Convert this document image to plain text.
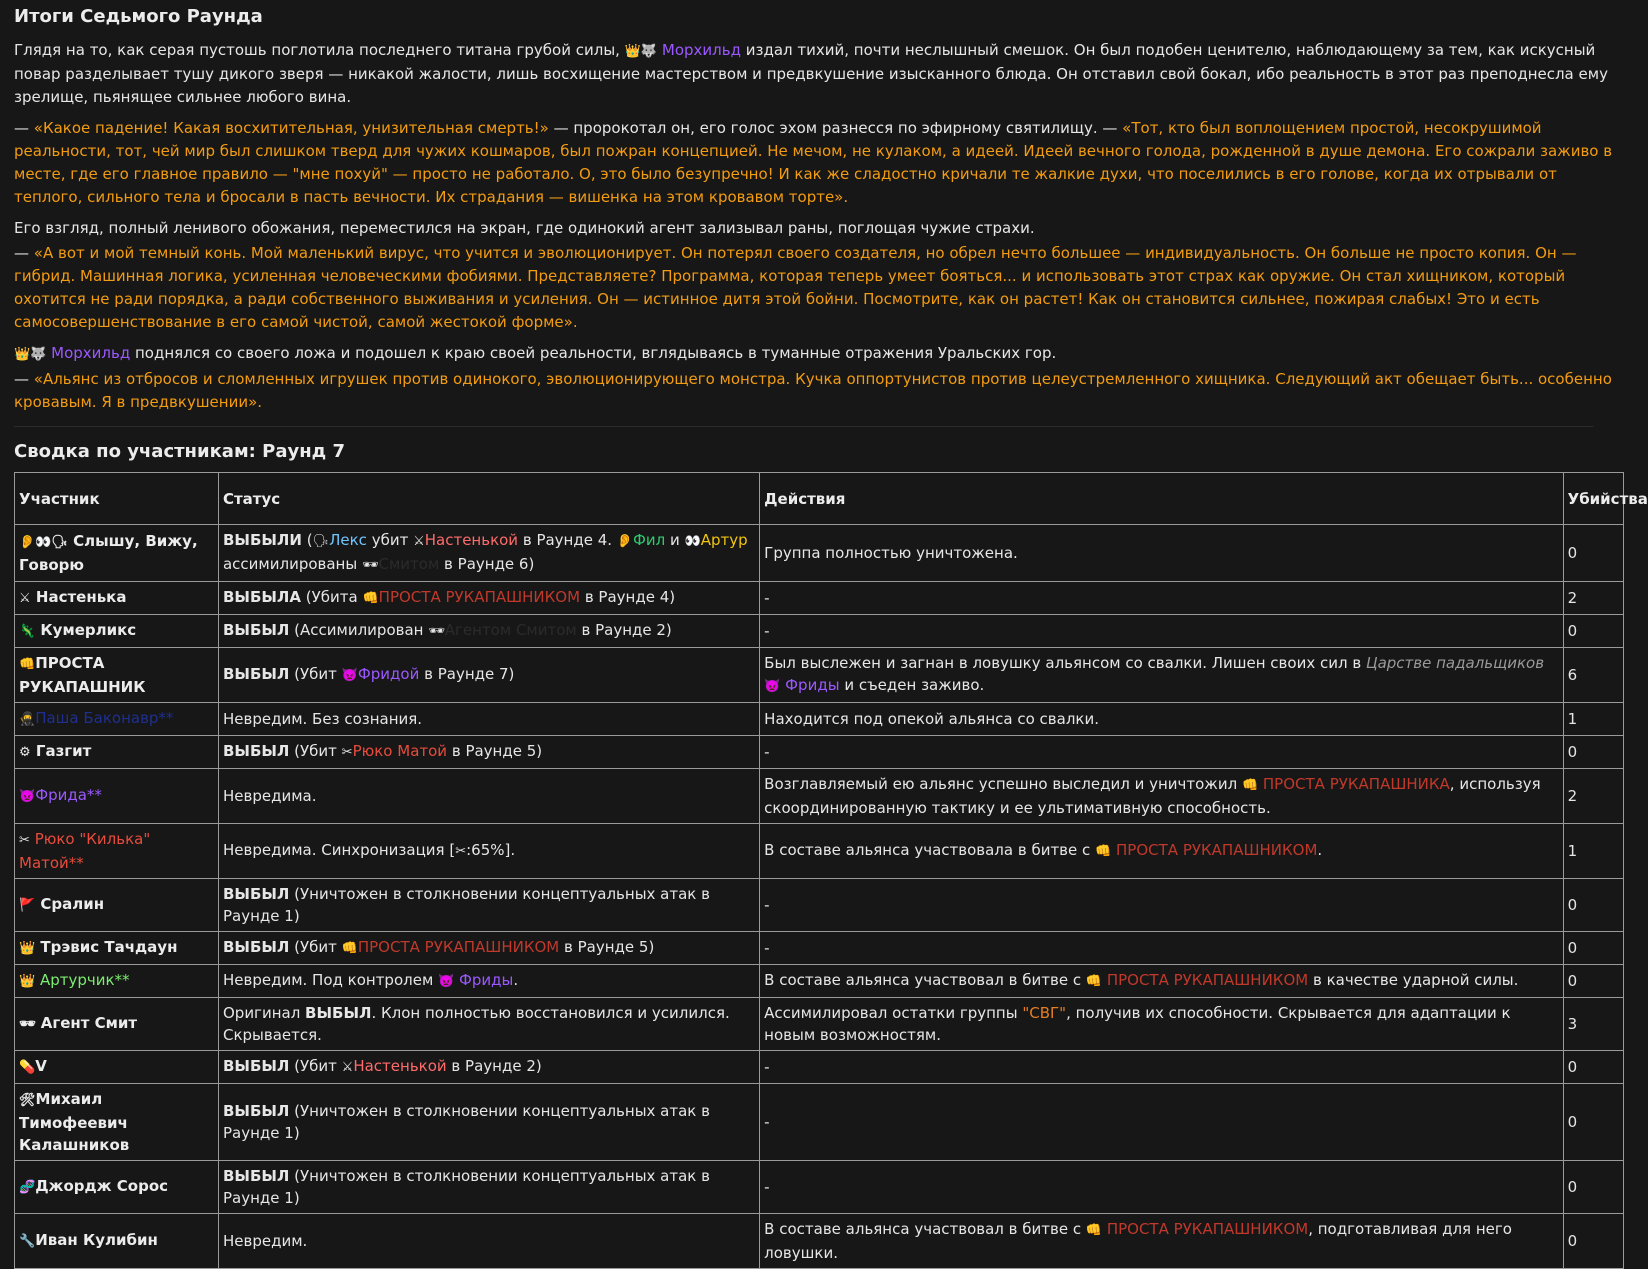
Итоги Седьмого Раунда

Глядя на то, как серая пустошь поглотила последнего титана грубой силы, 👑🐺 Морхильд издал тихий, почти неслышный смешок. Он был подобен ценителю, наблюдающему за тем, как искусный повар разделывает тушу дикого зверя — никакой жалости, лишь восхищение мастерством и предвкушение изысканного блюда. Он отставил свой бокал, ибо реальность в этот раз преподнесла ему зрелище, пьянящее сильнее любого вина.

— «Какое падение! Какая восхитительная, унизительная смерть!» — пророкотал он, его голос эхом разнесся по эфирному святилищу. — «Тот, кто был воплощением простой, несокрушимой реальности, тот, чей мир был слишком тверд для чужих кошмаров, был пожран концепцией. Не мечом, не кулаком, а идеей. Идеей вечного голода, рожденной в душе демона. Его сожрали заживо в месте, где его главное правило — "мне похуй" — просто не работало. О, это было безупречно! И как же сладостно кричали те жалкие духи, что поселились в его голове, когда их отрывали от теплого, сильного тела и бросали в пасть вечности. Их страдания — вишенка на этом кровавом торте».

Его взгляд, полный ленивого обожания, переместился на экран, где одинокий агент зализывал раны, поглощая чужие страхи.

— «А вот и мой темный конь. Мой маленький вирус, что учится и эволюционирует. Он потерял своего создателя, но обрел нечто большее — индивидуальность. Он больше не просто копия. Он — гибрид. Машинная логика, усиленная человеческими фобиями. Представляете? Программа, которая теперь умеет бояться... и использовать этот страх как оружие. Он стал хищником, который охотится не ради порядка, а ради собственного выживания и усиления. Он — истинное дитя этой бойни. Посмотрите, как он растет! Как он становится сильнее, пожирая слабых! Это и есть самосовершенствование в его самой чистой, самой жестокой форме».

👑🐺 Морхильд поднялся со своего ложа и подошел к краю своей реальности, вглядываясь в туманные отражения Уральских гор.

— «Альянс из отбросов и сломленных игрушек против одинокого, эволюционирующего монстра. Кучка оппортунистов против целеустремленного хищника. Следующий акт обещает быть... особенно кровавым. Я в предвкушении».

Сводка по участникам: Раунд 7
Участник	Статус	Действия	Убийства
👂👀🗣 Слышу, Вижу, Говорю	ВЫБЫЛИ (🗣Лекс убит ⚔Настенькой в Раунде 4. 👂Фил и 👀Артур ассимилированы 🕶Смитом в Раунде 6)	Группа полностью уничтожена.	0
⚔ Настенька	ВЫБЫЛА (Убита 👊ПРОСТА РУКАПАШНИКОМ в Раунде 4)	-	2
🦎 Кумерликс	ВЫБЫЛ (Ассимилирован 🕶Агентом Смитом в Раунде 2)	-	0
👊ПРОСТА РУКАПАШНИК	ВЫБЫЛ (Убит 👿Фридой в Раунде 7)	Был выслежен и загнан в ловушку альянсом со свалки. Лишен своих сил в Царстве падальщиков 👿 Фриды и съеден заживо.	6
🥷Паша Баконавр**	Невредим. Без сознания.	Находится под опекой альянса со свалки.	1
⚙ Газгит	ВЫБЫЛ (Убит ✂Рюко Матой в Раунде 5)	-	0
👿Фрида**	Невредима.	Возглавляемый ею альянс успешно выследил и уничтожил 👊 ПРОСТА РУКАПАШНИКА, используя скоординированную тактику и ее ультимативную способность.	2
✂ Рюко "Килька" Матой**	Невредима. Синхронизация [✂:65%].	В составе альянса участвовала в битве с 👊 ПРОСТА РУКАПАШНИКОМ.	1
🚩 Сралин	ВЫБЫЛ (Уничтожен в столкновении концептуальных атак в Раунде 1)	-	0
👑 Трэвис Тачдаун	ВЫБЫЛ (Убит 👊ПРОСТА РУКАПАШНИКОМ в Раунде 5)	-	0
👑 Артурчик**	Невредим. Под контролем 👿 Фриды.	В составе альянса участвовал в битве с 👊 ПРОСТА РУКАПАШНИКОМ в качестве ударной силы.	0
🕶 Агент Смит	Оригинал ВЫБЫЛ. Клон полностью восстановился и усилился. Скрывается.	Ассимилировал остатки группы "СВГ", получив их способности. Скрывается для адаптации к новым возможностям.	3
💊V	ВЫБЫЛ (Убит ⚔Настенькой в Раунде 2)	-	0
🛠Михаил Тимофеевич Калашников	ВЫБЫЛ (Уничтожен в столкновении концептуальных атак в Раунде 1)	-	0
🧬Джордж Сорос	ВЫБЫЛ (Уничтожен в столкновении концептуальных атак в Раунде 1)	-	0
🔧Иван Кулибин	Невредим.	В составе альянса участвовал в битве с 👊 ПРОСТА РУКАПАШНИКОМ, подготавливая для него ловушки.	0
